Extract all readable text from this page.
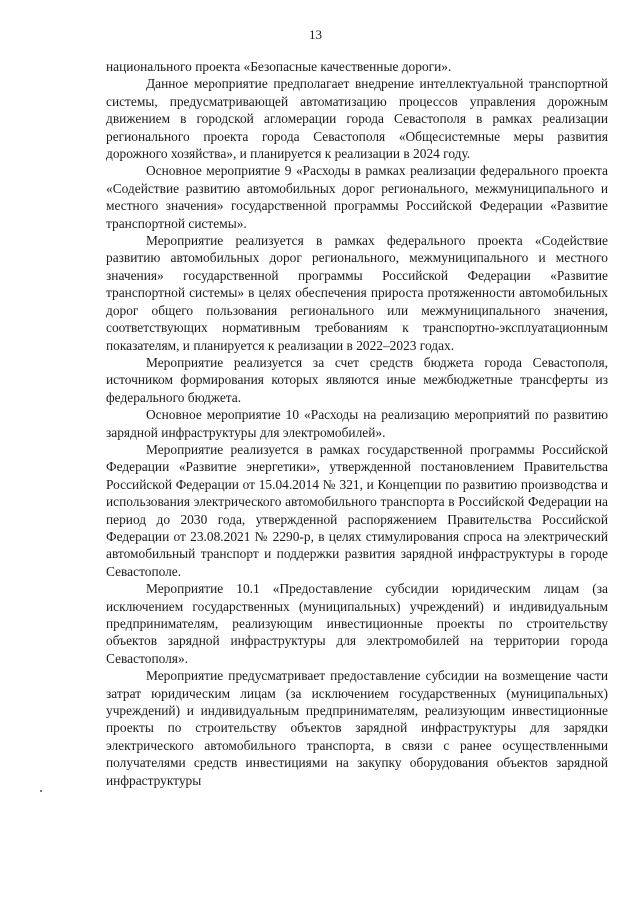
13

национального проекта «Безопасные качественные дороги».

Данное мероприятие предполагает внедрение интеллектуальной транспортной системы, предусматривающей автоматизацию процессов управления дорожным движением в городской агломерации города Севастополя в рамках реализации регионального проекта города Севастополя «Общесистемные меры развития дорожного хозяйства», и планируется к реализации в 2024 году.

Основное мероприятие 9 «Расходы в рамках реализации федерального проекта «Содействие развитию автомобильных дорог регионального, межмуниципального и местного значения» государственной программы Российской Федерации «Развитие транспортной системы».

Мероприятие реализуется в рамках федерального проекта «Содействие развитию автомобильных дорог регионального, межмуниципального и местного значения» государственной программы Российской Федерации «Развитие транспортной системы» в целях обеспечения прироста протяженности автомобильных дорог общего пользования регионального или межмуниципального значения, соответствующих нормативным требованиям к транспортно-эксплуатационным показателям, и планируется к реализации в 2022–2023 годах.

Мероприятие реализуется за счет средств бюджета города Севастополя, источником формирования которых являются иные межбюджетные трансферты из федерального бюджета.

Основное мероприятие 10 «Расходы на реализацию мероприятий по развитию зарядной инфраструктуры для электромобилей».

Мероприятие реализуется в рамках государственной программы Российской Федерации «Развитие энергетики», утвержденной постановлением Правительства Российской Федерации от 15.04.2014 № 321, и Концепции по развитию производства и использования электрического автомобильного транспорта в Российской Федерации на период до 2030 года, утвержденной распоряжением Правительства Российской Федерации от 23.08.2021 № 2290-р, в целях стимулирования спроса на электрический автомобильный транспорт и поддержки развития зарядной инфраструктуры в городе Севастополе.

Мероприятие 10.1 «Предоставление субсидии юридическим лицам (за исключением государственных (муниципальных) учреждений) и индивидуальным предпринимателям, реализующим инвестиционные проекты по строительству объектов зарядной инфраструктуры для электромобилей на территории города Севастополя».

Мероприятие предусматривает предоставление субсидии на возмещение части затрат юридическим лицам (за исключением государственных (муниципальных) учреждений) и индивидуальным предпринимателям, реализующим инвестиционные проекты по строительству объектов зарядной инфраструктуры для зарядки электрического автомобильного транспорта, в связи с ранее осуществленными получателями средств инвестициями на закупку оборудования объектов зарядной инфраструктуры
